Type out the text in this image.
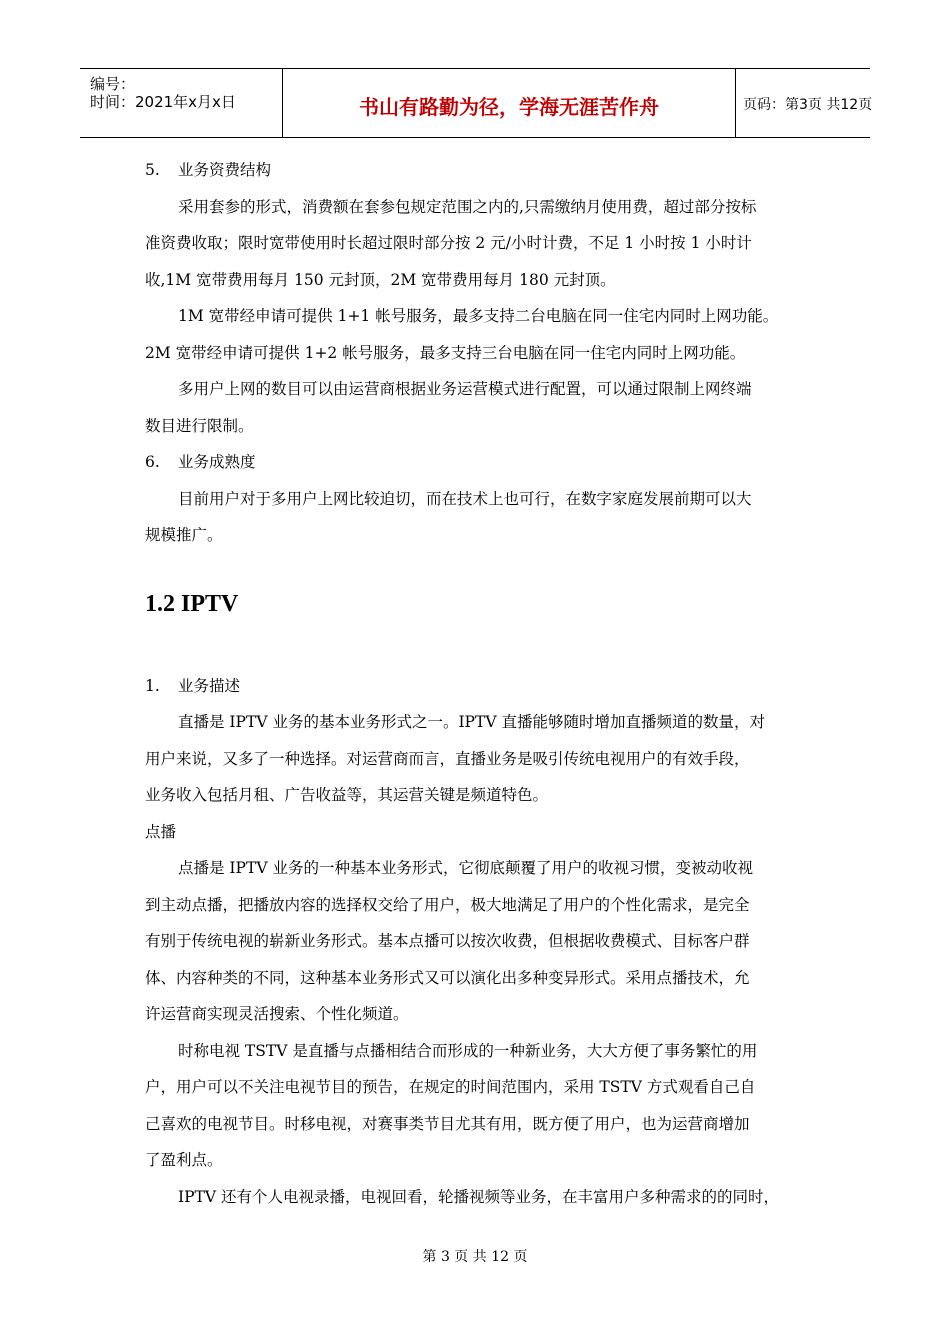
编号：
时间：2021年x月x日	书山有路勤为径，学海无涯苦作舟	页码：第3页 共12页
5. 业务资费结构
采用套参的形式，消费额在套参包规定范围之内的,只需缴纳月使用费，超过部分按标
准资费收取；限时宽带使用时长超过限时部分按 2 元/小时计费，不足 1 小时按 1 小时计
收,1M 宽带费用每月 150 元封顶，2M 宽带费用每月 180 元封顶。
1M 宽带经申请可提供 1+1 帐号服务，最多支持二台电脑在同一住宅内同时上网功能。
2M 宽带经申请可提供 1+2 帐号服务，最多支持三台电脑在同一住宅内同时上网功能。
多用户上网的数目可以由运营商根据业务运营模式进行配置，可以通过限制上网终端
数目进行限制。
6. 业务成熟度
目前用户对于多用户上网比较迫切，而在技术上也可行，在数字家庭发展前期可以大
规模推广。
1.2 IPTV
1. 业务描述
直播是 IPTV 业务的基本业务形式之一。IPTV 直播能够随时增加直播频道的数量，对
用户来说，又多了一种选择。对运营商而言，直播业务是吸引传统电视用户的有效手段，
业务收入包括月租、广告收益等，其运营关键是频道特色。
点播
点播是 IPTV 业务的一种基本业务形式，它彻底颠覆了用户的收视习惯，变被动收视
到主动点播，把播放内容的选择权交给了用户，极大地满足了用户的个性化需求，是完全
有别于传统电视的崭新业务形式。基本点播可以按次收费，但根据收费模式、目标客户群
体、内容种类的不同，这种基本业务形式又可以演化出多种变异形式。采用点播技术，允
许运营商实现灵活搜索、个性化频道。
时称电视 TSTV 是直播与点播相结合而形成的一种新业务，大大方便了事务繁忙的用
户，用户可以不关注电视节目的预告，在规定的时间范围内，采用 TSTV 方式观看自己自
己喜欢的电视节目。时移电视，对赛事类节目尤其有用，既方便了用户，也为运营商增加
了盈利点。
IPTV 还有个人电视录播，电视回看，轮播视频等业务，在丰富用户多种需求的的同时，
第 3 页 共 12 页
